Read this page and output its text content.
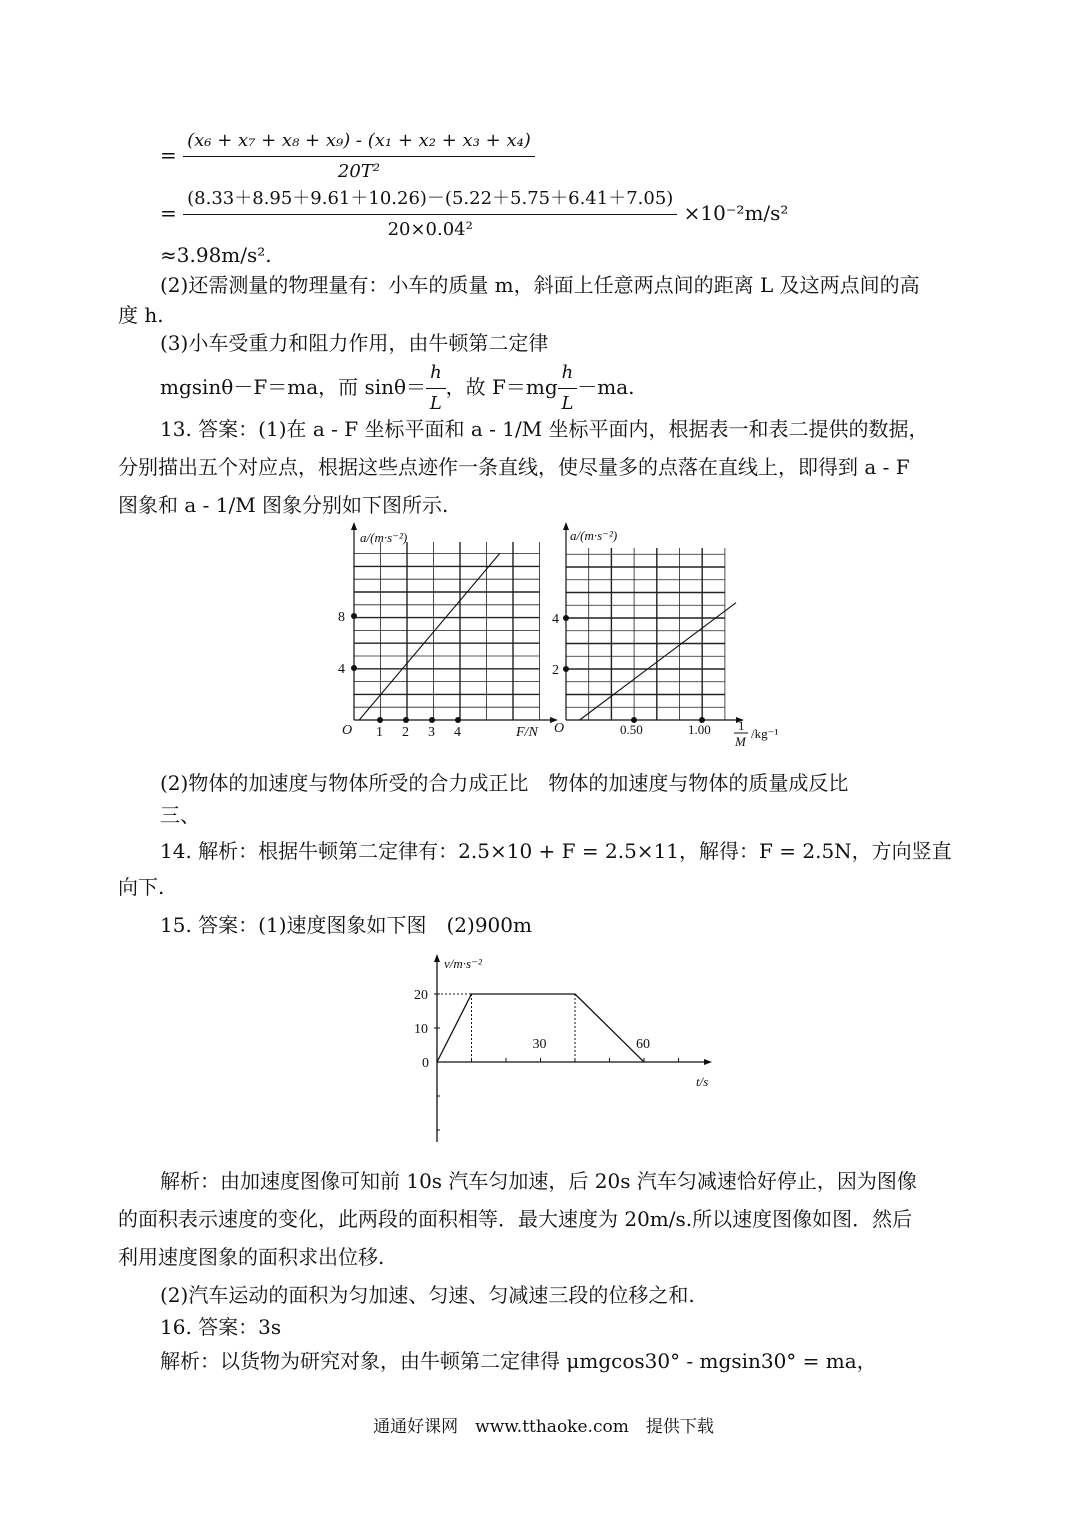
= $\frac{\text{(x₆ + x₇ + x₈ + x₉) - (x₁ + x₂ + x₃ + x₄)}}{\text{20T²}}$
= $\frac{(8.33+8.95+9.61+10.26)-(5.22+5.75+6.41+7.05)}{\text{20×0.04²}} \times 10^{-2}m/s^2$
≈3.98m/s².
(2)还需测量的物理量有：小车的质量 m，斜面上任意两点间的距离 L 及这两点间的高
度 h.
(3)小车受重力和阻力作用，由牛顿第二定律
mgsinθ－F＝ma，而 $\sin\theta= \frac{h}{L}$ ，故 $F=mg \frac{h}{L} -ma$.
13. 答案：(1)在 a - F 坐标平面和 a - 1/M 坐标平面内，根据表一和表二提供的数据，
分别描出五个对应点，根据这些点迹作一条直线，使尽量多的点落在直线上，即得到 a - F
图象和 a - 1/M 图象分别如下图所示.
1 2 3 4
4
8
a/(m·s⁻²)
F/N
O	0.50	1.00
2
4
a/(m·s⁻²)
1
M
/kg⁻¹
O
(2)物体的加速度与物体所受的合力成正比　物体的加速度与物体的质量成反比
三、
14. 解析：根据牛顿第二定律有：2.5×10 + F = 2.5×11，解得：F = 2.5N，方向竖直
向下.
15. 答案：(1)速度图象如下图　(2)900m
10
20
30	60
v/m·s⁻²
t/s
0
解析：由加速度图像可知前 10s 汽车匀加速，后 20s 汽车匀减速恰好停止，因为图像
的面积表示速度的变化，此两段的面积相等．最大速度为 20m/s.所以速度图像如图．然后
利用速度图象的面积求出位移.
(2)汽车运动的面积为匀加速、匀速、匀减速三段的位移之和.
16. 答案：3s
解析：以货物为研究对象，由牛顿第二定律得 μmgcos30° - mgsin30° = ma，
通通好课网　www.tthaoke.com　提供下载
